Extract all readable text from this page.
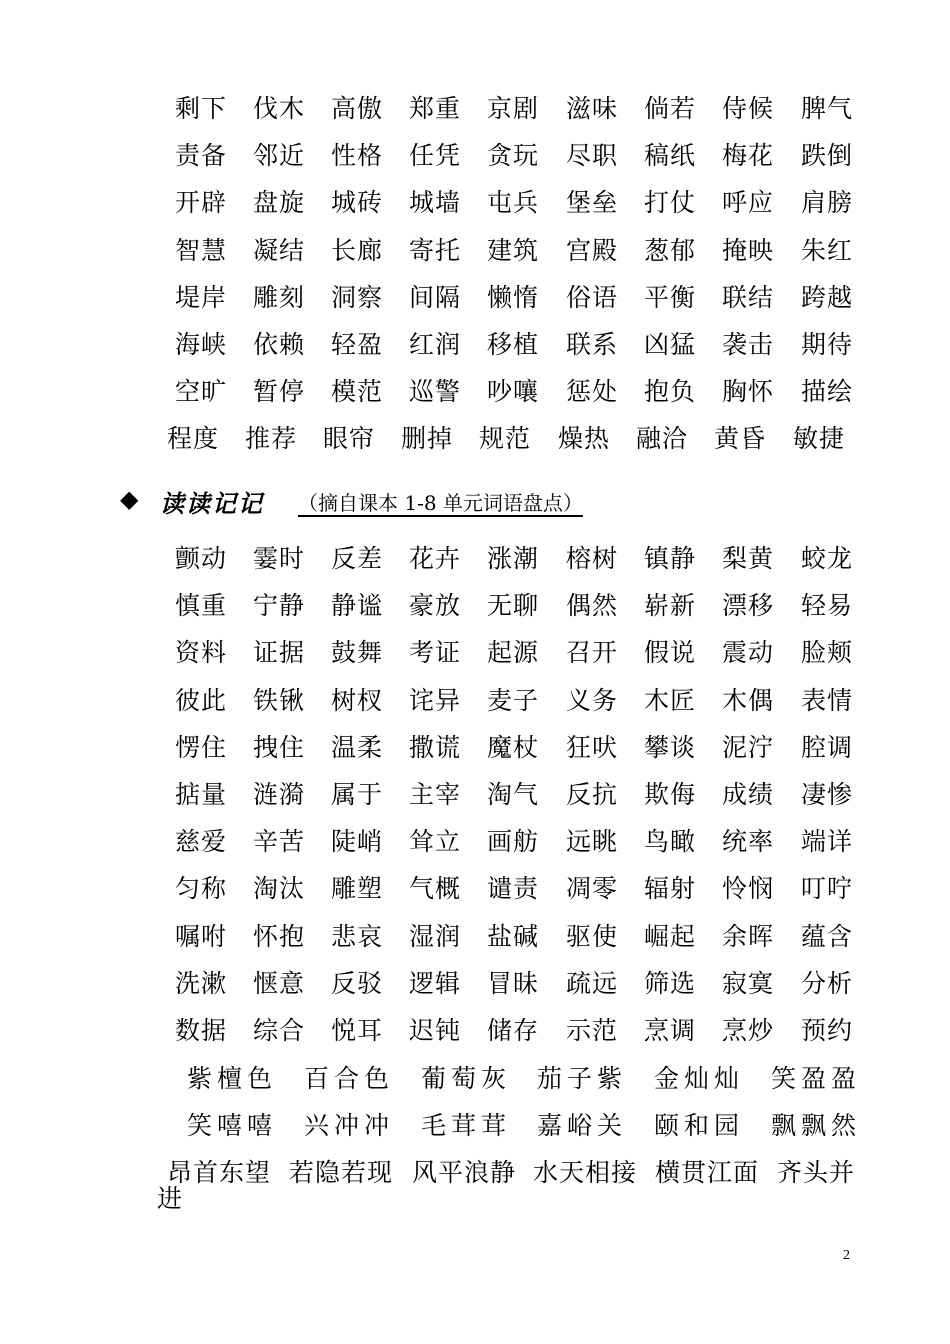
剩下 伐木 高傲 郑重 京剧 滋味 倘若 侍候 脾气
责备 邻近 性格 任凭 贪玩 尽职 稿纸 梅花 跌倒
开辟 盘旋 城砖 城墙 屯兵 堡垒 打仗 呼应 肩膀
智慧 凝结 长廊 寄托 建筑 宫殿 葱郁 掩映 朱红
堤岸 雕刻 洞察 间隔 懒惰 俗语 平衡 联结 跨越
海峡 依赖 轻盈 红润 移植 联系 凶猛 袭击 期待
空旷 暂停 模范 巡警 吵嚷 惩处 抱负 胸怀 描绘
程度 推荐 眼帘 删掉 规范 燥热 融洽 黄昏 敏捷
◆ 读读记记 （摘自课本 1-8 单元词语盘点）
颤动 霎时 反差 花卉 涨潮 榕树 镇静 梨黄 蛟龙
慎重 宁静 静谧 豪放 无聊 偶然 崭新 漂移 轻易
资料 证据 鼓舞 考证 起源 召开 假说 震动 脸颊
彼此 铁锹 树杈 诧异 麦子 义务 木匠 木偶 表情
愣住 拽住 温柔 撒谎 魔杖 狂吠 攀谈 泥泞 腔调
掂量 涟漪 属于 主宰 淘气 反抗 欺侮 成绩 凄惨
慈爱 辛苦 陡峭 耸立 画舫 远眺 鸟瞰 统率 端详
匀称 淘汰 雕塑 气概 谴责 凋零 辐射 怜悯 叮咛
嘱咐 怀抱 悲哀 湿润 盐碱 驱使 崛起 余晖 蕴含
洗漱 惬意 反驳 逻辑 冒昧 疏远 筛选 寂寞 分析
数据 综合 悦耳 迟钝 储存 示范 烹调 烹炒 预约
紫檀色 百合色 葡萄灰 茄子紫 金灿灿 笑盈盈
笑嘻嘻 兴冲冲 毛茸茸 嘉峪关 颐和园 飘飘然
昂首东望 若隐若现 风平浪静 水天相接 横贯江面 齐头并
进
2
